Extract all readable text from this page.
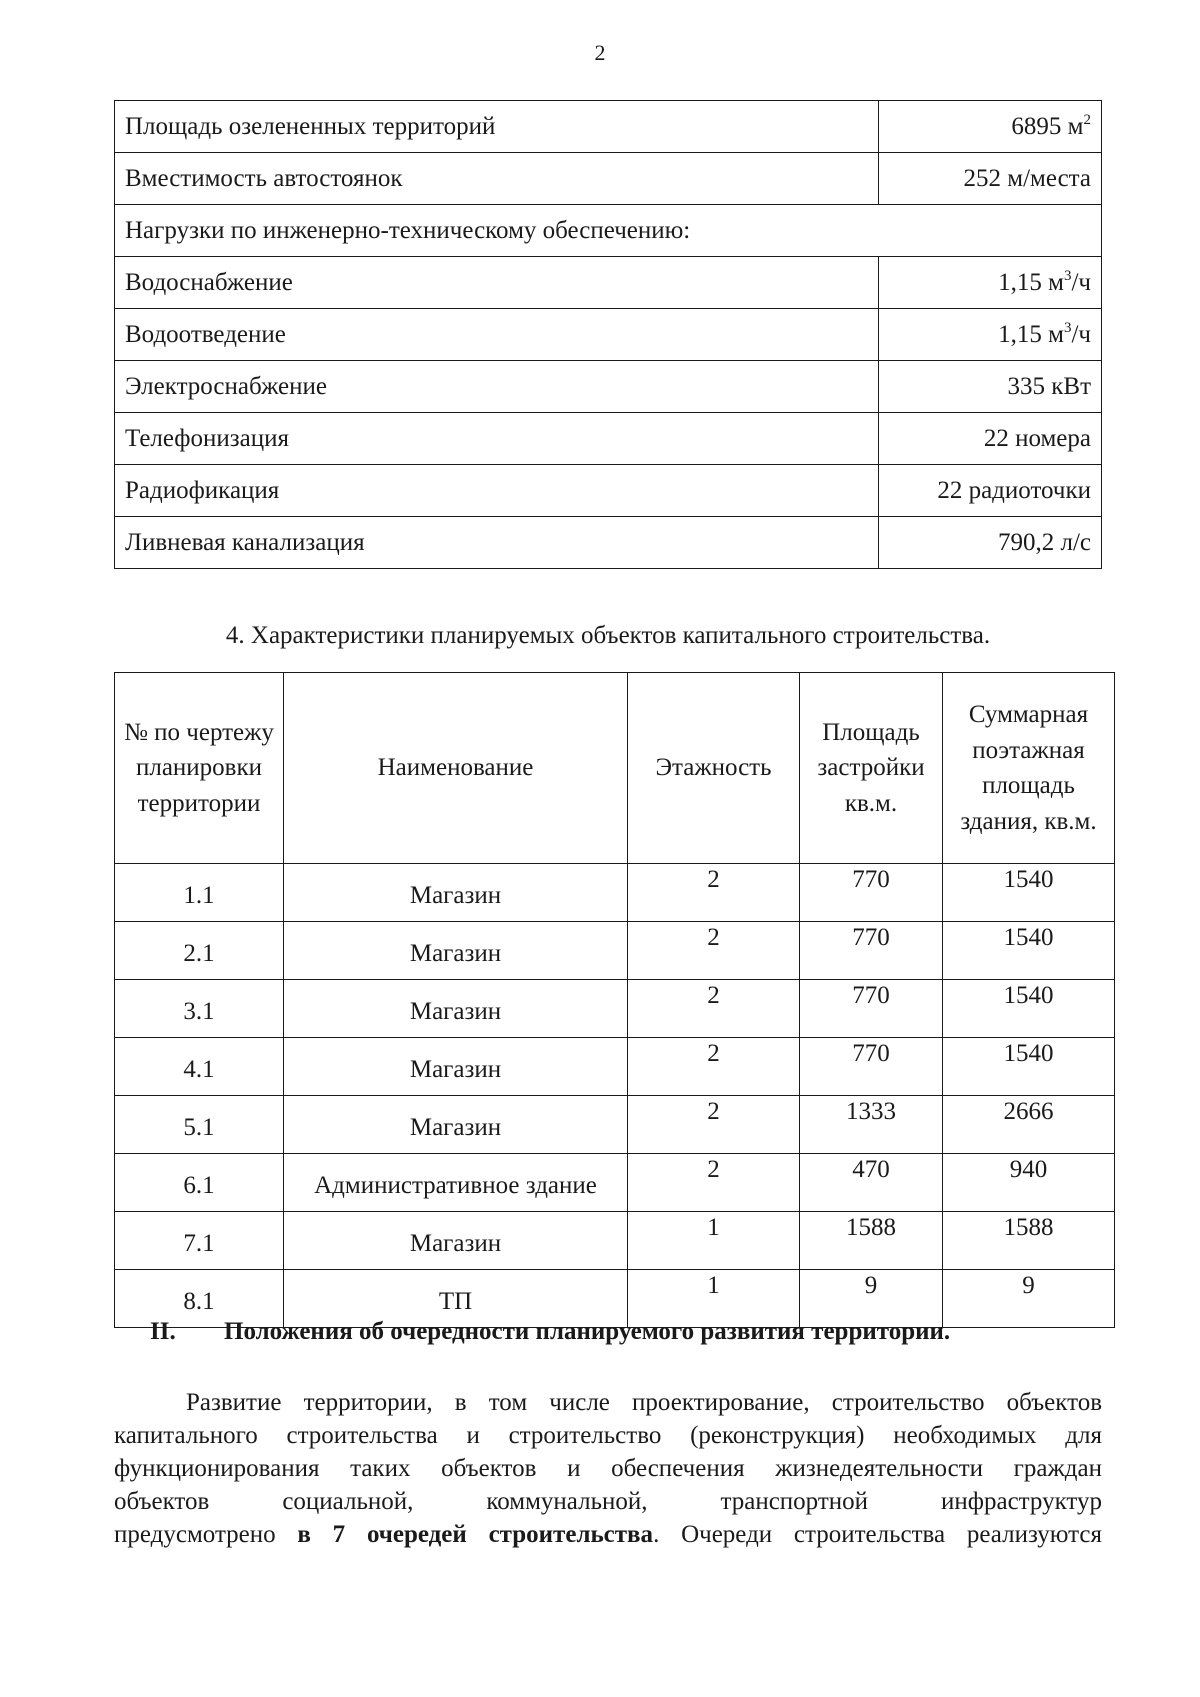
2
Площадь озелененных территорий	6895 $м^2$
Вместимость автостоянок	252 м/места
Нагрузки по инженерно-техническому обеспечению:	
Водоснабжение	1,15 $м^3/ч$
Водоотведение	1,15 $м^3/ч$
Электроснабжение	335 кВт
Телефонизация	22 номера
Радиофикация	22 радиоточки
Ливневая канализация	790,2 л/с
4. Характеристики планируемых объектов капитального строительства.
№ по чертежу планировки территории	Наименование	Этажность	Площадь застройки кв.м.	Суммарная поэтажная площадь здания, кв.м.
1.1	Магазин	2	770	1540
2.1	Магазин	2	770	1540
3.1	Магазин	2	770	1540
4.1	Магазин	2	770	1540
5.1	Магазин	2	1333	2666
6.1	Административное здание	2	470	940
7.1	Магазин	1	1588	1588
8.1	ТП	1	9	9
II. Положения об очередности планируемого развития территории.

Развитие территории, в том числе проектирование, строительство объектов
капитального строительства и строительство (реконструкция) необходимых для
функционирования таких объектов и обеспечения жизнедеятельности граждан
объектов социальной, коммунальной, транспортной инфраструктур
предусмотрено в 7 очередей строительства. Очереди строительства реализуются
